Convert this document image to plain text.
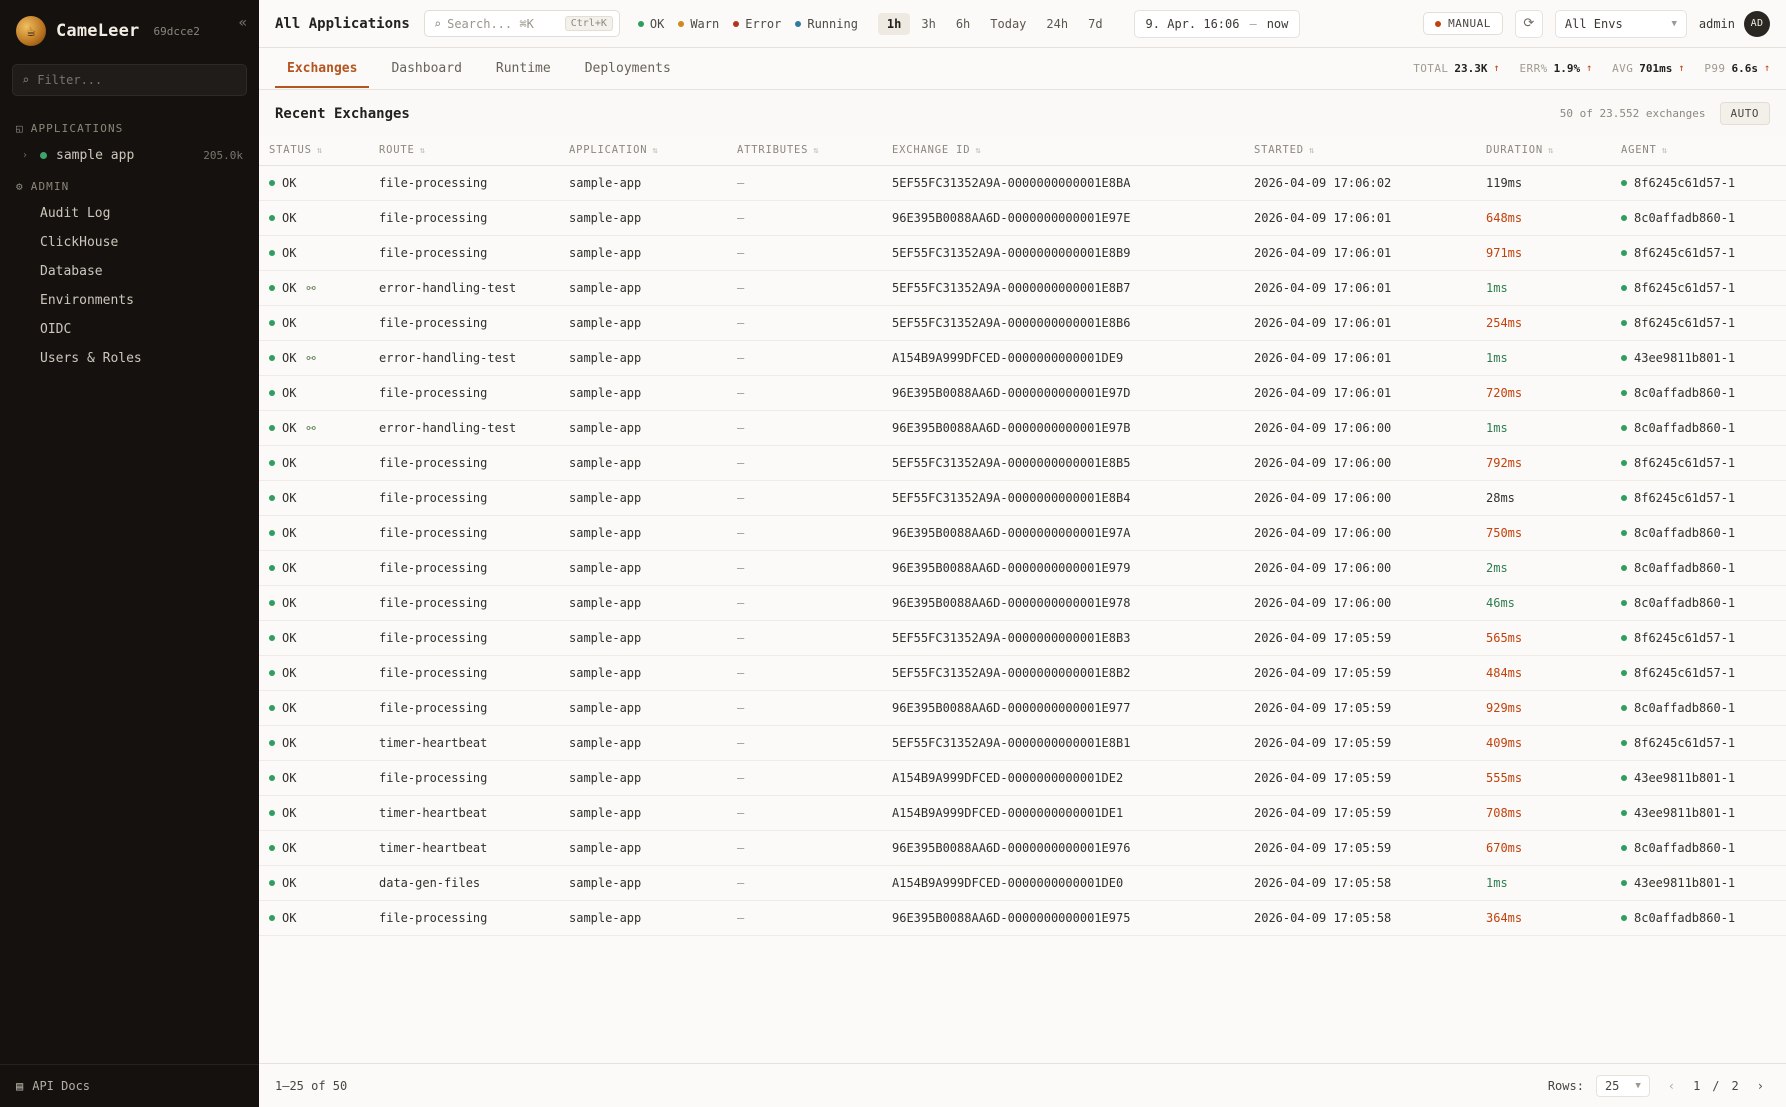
☕	CameLeer 69dcce2	«
⌕ Filter...
◱ APPLICATIONS
› sample app	205.0k
⚙ ADMIN
Audit Log
ClickHouse
Database
Environments
OIDC
Users & Roles
▤ API Docs
All Applications ⌕ Search... ⌘K	Ctrl+K	OK Warn Error Running	1h	3h	6h	Today	24h	7d	9. Apr. 16:06 — now	MANUAL	⟳	All Envs	▼ admin	AD
Exchanges	Dashboard	Runtime	Deployments	TOTAL 23.3K ↑ ERR% 1.9% ↑ AVG 701ms ↑ P99 6.6s ↑
Recent Exchanges	50 of 23.552 exchanges	AUTO
STATUS ⇅	ROUTE ⇅	APPLICATION ⇅	ATTRIBUTES ⇅	EXCHANGE ID ⇅	STARTED ⇅	DURATION ⇅	AGENT ⇅

OK	file-processing	sample-app	—	5EF55FC31352A9A-0000000000001E8BA	2026-04-09 17:06:02	119ms	8f6245c61d57-1

OK	file-processing	sample-app	—	96E395B0088AA6D-0000000000001E97E	2026-04-09 17:06:01	648ms	8c0affadb860-1

OK	file-processing	sample-app	—	5EF55FC31352A9A-0000000000001E8B9	2026-04-09 17:06:01	971ms	8f6245c61d57-1

OK ⚯	error-handling-test	sample-app	—	5EF55FC31352A9A-0000000000001E8B7	2026-04-09 17:06:01	1ms	8f6245c61d57-1

OK	file-processing	sample-app	—	5EF55FC31352A9A-0000000000001E8B6	2026-04-09 17:06:01	254ms	8f6245c61d57-1

OK ⚯	error-handling-test	sample-app	—	A154B9A999DFCED-0000000000001DE9	2026-04-09 17:06:01	1ms	43ee9811b801-1

OK	file-processing	sample-app	—	96E395B0088AA6D-0000000000001E97D	2026-04-09 17:06:01	720ms	8c0affadb860-1

OK ⚯	error-handling-test	sample-app	—	96E395B0088AA6D-0000000000001E97B	2026-04-09 17:06:00	1ms	8c0affadb860-1

OK	file-processing	sample-app	—	5EF55FC31352A9A-0000000000001E8B5	2026-04-09 17:06:00	792ms	8f6245c61d57-1

OK	file-processing	sample-app	—	5EF55FC31352A9A-0000000000001E8B4	2026-04-09 17:06:00	28ms	8f6245c61d57-1

OK	file-processing	sample-app	—	96E395B0088AA6D-0000000000001E97A	2026-04-09 17:06:00	750ms	8c0affadb860-1

OK	file-processing	sample-app	—	96E395B0088AA6D-0000000000001E979	2026-04-09 17:06:00	2ms	8c0affadb860-1

OK	file-processing	sample-app	—	96E395B0088AA6D-0000000000001E978	2026-04-09 17:06:00	46ms	8c0affadb860-1

OK	file-processing	sample-app	—	5EF55FC31352A9A-0000000000001E8B3	2026-04-09 17:05:59	565ms	8f6245c61d57-1

OK	file-processing	sample-app	—	5EF55FC31352A9A-0000000000001E8B2	2026-04-09 17:05:59	484ms	8f6245c61d57-1

OK	file-processing	sample-app	—	96E395B0088AA6D-0000000000001E977	2026-04-09 17:05:59	929ms	8c0affadb860-1

OK	timer-heartbeat	sample-app	—	5EF55FC31352A9A-0000000000001E8B1	2026-04-09 17:05:59	409ms	8f6245c61d57-1

OK	file-processing	sample-app	—	A154B9A999DFCED-0000000000001DE2	2026-04-09 17:05:59	555ms	43ee9811b801-1

OK	timer-heartbeat	sample-app	—	A154B9A999DFCED-0000000000001DE1	2026-04-09 17:05:59	708ms	43ee9811b801-1

OK	timer-heartbeat	sample-app	—	96E395B0088AA6D-0000000000001E976	2026-04-09 17:05:59	670ms	8c0affadb860-1

OK	data-gen-files	sample-app	—	A154B9A999DFCED-0000000000001DE0	2026-04-09 17:05:58	1ms	43ee9811b801-1

OK	file-processing	sample-app	—	96E395B0088AA6D-0000000000001E975	2026-04-09 17:05:58	364ms	8c0affadb860-1
1–25 of 50	Rows: 25 ▼	‹	1 / 2	›
